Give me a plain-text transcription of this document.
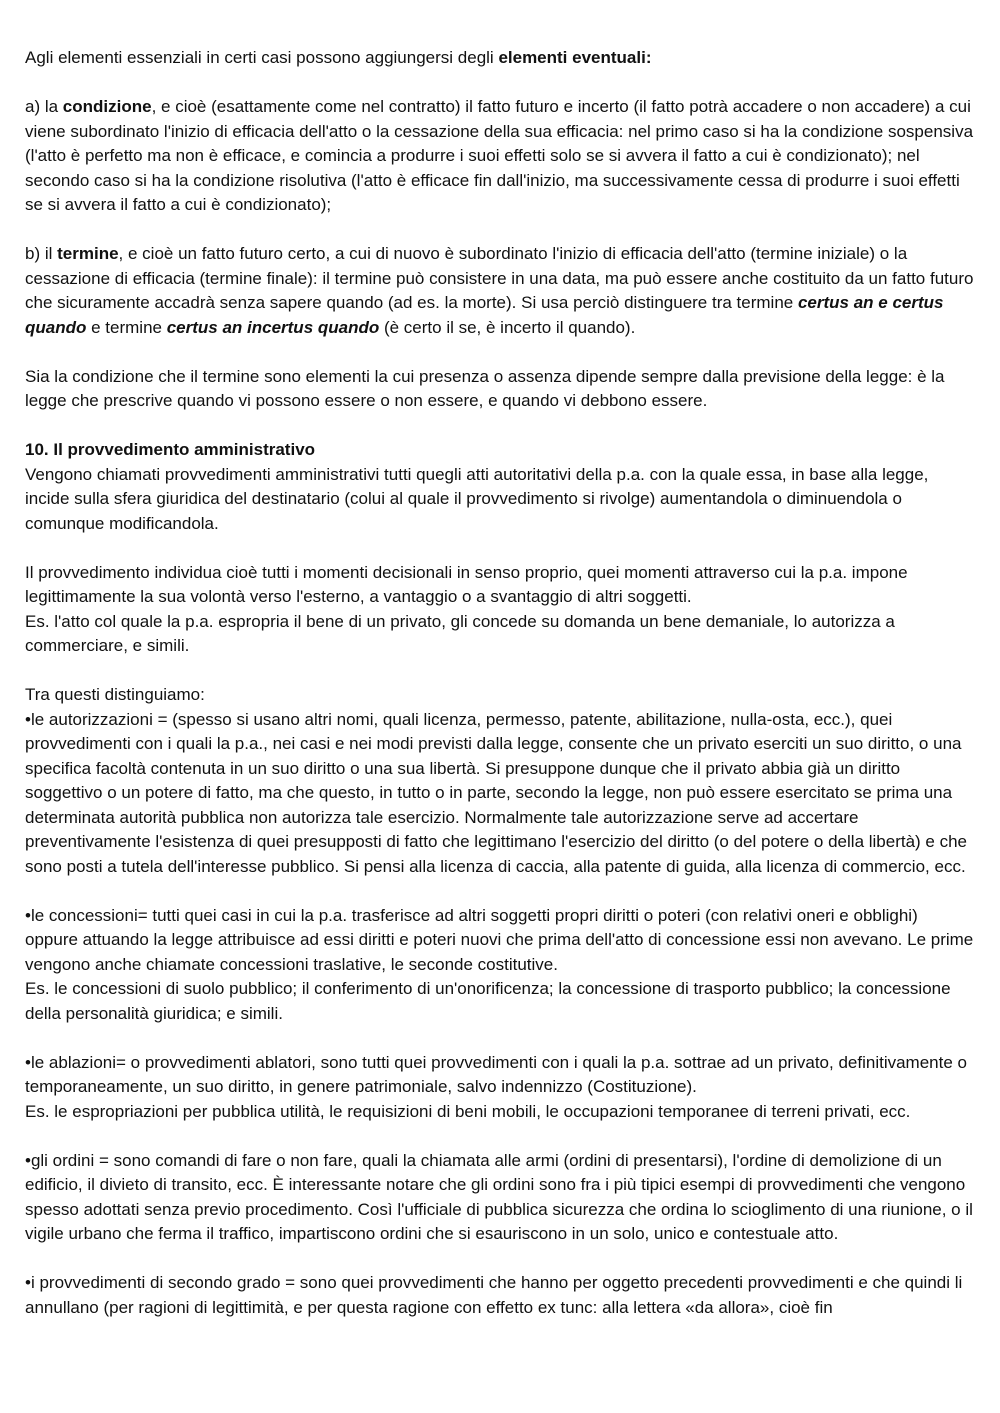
Agli elementi essenziali in certi casi possono aggiungersi degli elementi eventuali:

a) la condizione, e cioè (esattamente come nel contratto) il fatto futuro e incerto (il fatto potrà accadere o non accadere) a cui viene subordinato l'inizio di efficacia dell'atto o la cessazione della sua efficacia: nel primo caso si ha la condizione sospensiva (l'atto è perfetto ma non è efficace, e comincia a produrre i suoi effetti solo se si avvera il fatto a cui è condizionato); nel secondo caso si ha la condizione risolutiva (l'atto è efficace fin dall'inizio, ma successivamente cessa di produrre i suoi effetti se si avvera il fatto a cui è condizionato);

b) il termine, e cioè un fatto futuro certo, a cui di nuovo è subordinato l'inizio di efficacia dell'atto (termine iniziale) o la cessazione di efficacia (termine finale): il termine può consistere in una data, ma può essere anche costituito da un fatto futuro che sicuramente accadrà senza sapere quando (ad es. la morte). Si usa perciò distinguere tra termine certus an e certus quando e termine certus an incertus quando (è certo il se, è incerto il quando).

Sia la condizione che il termine sono elementi la cui presenza o assenza dipende sempre dalla previsione della legge: è la legge che prescrive quando vi possono essere o non essere, e quando vi debbono essere.

10. Il provvedimento amministrativo
Vengono chiamati provvedimenti amministrativi tutti quegli atti autoritativi della p.a. con la quale essa, in base alla legge, incide sulla sfera giuridica del destinatario (colui al quale il provvedimento si rivolge) aumentandola o diminuendola o comunque modificandola.

Il provvedimento individua cioè tutti i momenti decisionali in senso proprio, quei momenti attraverso cui la p.a. impone legittimamente la sua volontà verso l'esterno, a vantaggio o a svantaggio di altri soggetti.
Es. l'atto col quale la p.a. espropria il bene di un privato, gli concede su domanda un bene demaniale, lo autorizza a commerciare, e simili.

Tra questi distinguiamo:
•le autorizzazioni = (spesso si usano altri nomi, quali licenza, permesso, patente, abilitazione, nulla-osta, ecc.), quei provvedimenti con i quali la p.a., nei casi e nei modi previsti dalla legge, consente che un privato eserciti un suo diritto, o una specifica facoltà contenuta in un suo diritto o una sua libertà. Si presuppone dunque che il privato abbia già un diritto soggettivo o un potere di fatto, ma che questo, in tutto o in parte, secondo la legge, non può essere esercitato se prima una determinata autorità pubblica non autorizza tale esercizio. Normalmente tale autorizzazione serve ad accertare preventivamente l'esistenza di quei presupposti di fatto che legittimano l'esercizio del diritto (o del potere o della libertà) e che sono posti a tutela dell'interesse pubblico. Si pensi alla licenza di caccia, alla patente di guida, alla licenza di commercio, ecc.

•le concessioni= tutti quei casi in cui la p.a. trasferisce ad altri soggetti propri diritti o poteri (con relativi oneri e obblighi) oppure attuando la legge attribuisce ad essi diritti e poteri nuovi che prima dell'atto di concessione essi non avevano. Le prime vengono anche chiamate concessioni traslative, le seconde costitutive.
Es. le concessioni di suolo pubblico; il conferimento di un'onorificenza; la concessione di trasporto pubblico; la concessione della personalità giuridica; e simili.

•le ablazioni= o provvedimenti ablatori, sono tutti quei provvedimenti con i quali la p.a. sottrae ad un privato, definitivamente o temporaneamente, un suo diritto, in genere patrimoniale, salvo indennizzo (Costituzione).
Es. le espropriazioni per pubblica utilità, le requisizioni di beni mobili, le occupazioni temporanee di terreni privati, ecc.

•gli ordini = sono comandi di fare o non fare, quali la chiamata alle armi (ordini di presentarsi), l'ordine di demolizione di un edificio, il divieto di transito, ecc. È interessante notare che gli ordini sono fra i più tipici esempi di provvedimenti che vengono spesso adottati senza previo procedimento. Così l'ufficiale di pubblica sicurezza che ordina lo scioglimento di una riunione, o il vigile urbano che ferma il traffico, impartiscono ordini che si esauriscono in un solo, unico e contestuale atto.

•i provvedimenti di secondo grado = sono quei provvedimenti che hanno per oggetto precedenti provvedimenti e che quindi li annullano (per ragioni di legittimità, e per questa ragione con effetto ex tunc: alla lettera «da allora», cioè fin
